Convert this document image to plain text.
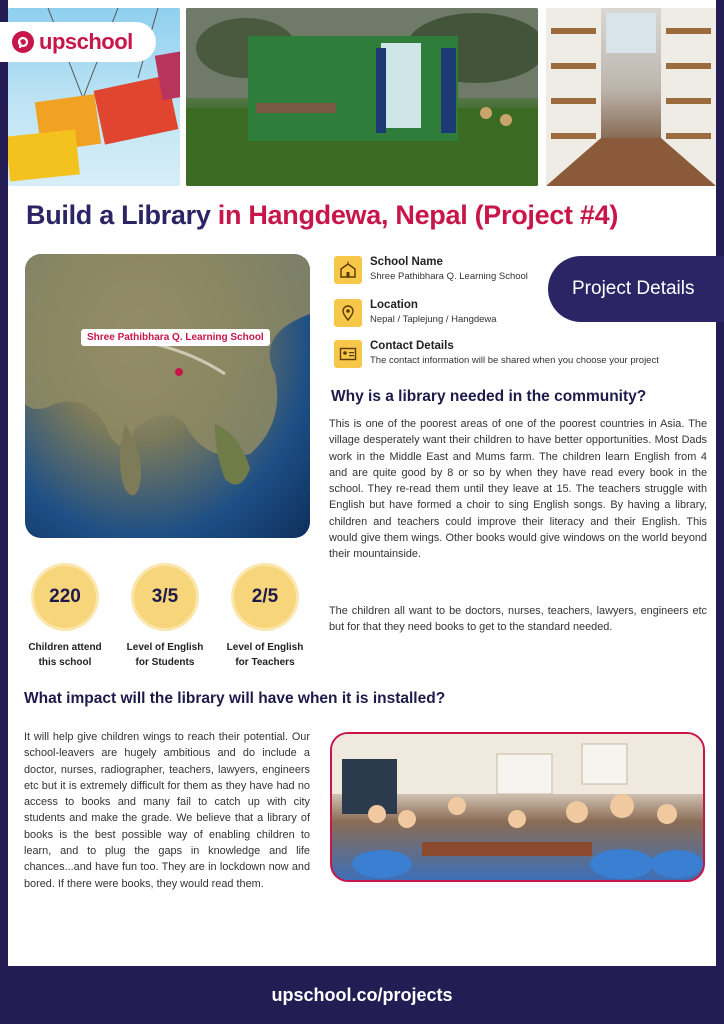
upschool
Build a Library in Hangdewa, Nepal (Project #4)
Shree Pathibhara Q. Learning School
School Name
Shree Pathibhara Q. Learning School
Location
Nepal / Taplejung / Hangdewa
Contact Details
The contact information will be shared when you choose your project
Project Details
Why is a library needed in the community?
This is one of the poorest areas of one of the poorest countries in Asia. The village desperately want their children to have better opportunities. Most Dads work in the Middle East and Mums farm. The children learn English from 4 and are quite good by 8 or so by when they have read every book in the school. They re-read them until they leave at 15. The teachers struggle with English but have formed a choir to sing English songs. By having a library, children and teachers could improve their literacy and their English. This would give them wings. Other books would give windows on the world beyond their mountainside.
The children all want to be doctors, nurses, teachers, lawyers, engineers etc but for that they need books to get to the standard needed.
220
Children attend
this school
3/5
Level of English
for Students
2/5
Level of English
for Teachers
What impact will the library will have when it is installed?
It will help give children wings to reach their potential. Our school-leavers are hugely ambitious and do include a doctor, nurses, radiographer, teachers, lawyers, engineers etc but it is extremely difficult for them as they have had no access to books and many fail to catch up with city students and make the grade. We believe that a library of books is the best possible way of enabling children to learn, and to plug the gaps in knowledge and life chances...and have fun too. They are in lockdown now and bored. If there were books, they would read them.
upschool.co/projects
